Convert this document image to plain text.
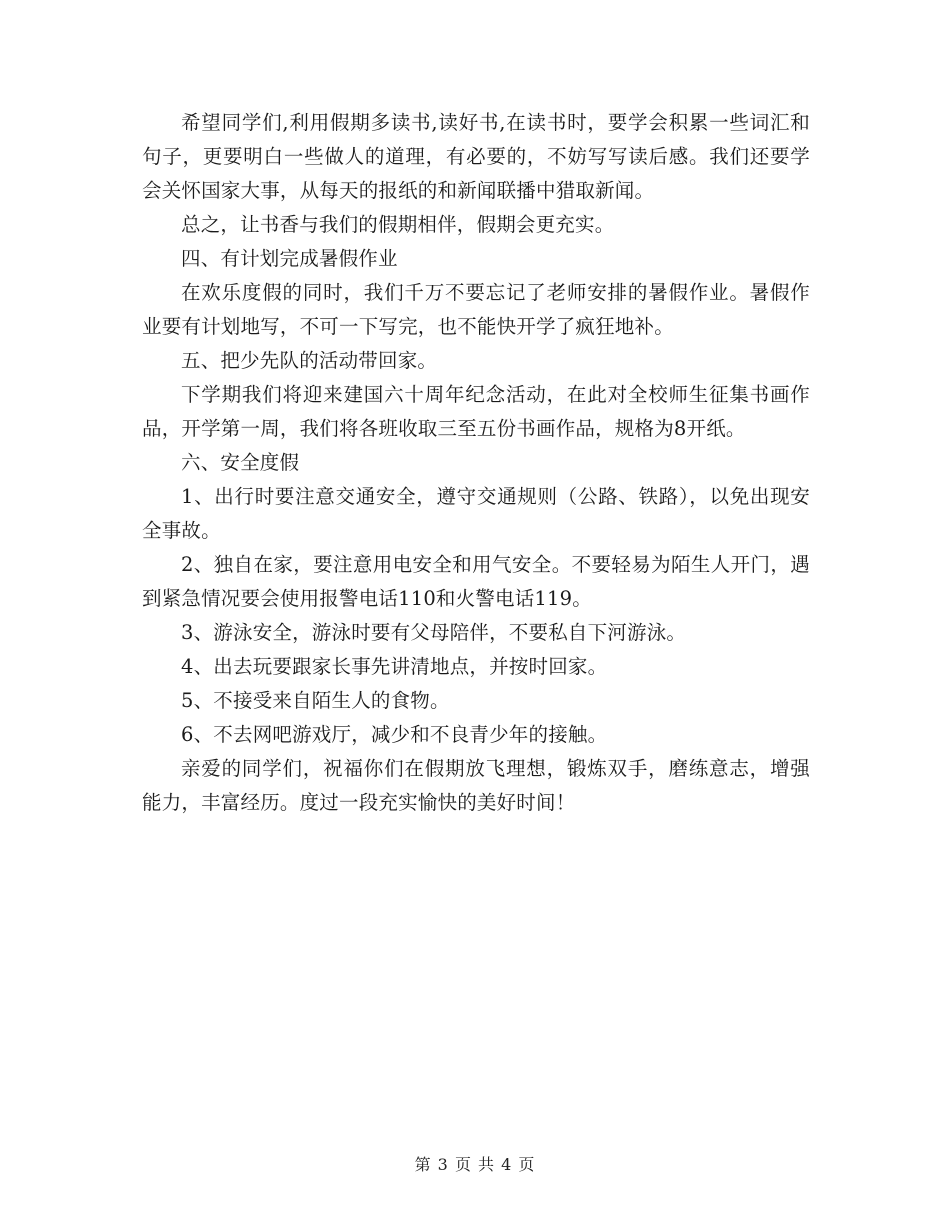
希望同学们,利用假期多读书,读好书,在读书时，要学会积累一些词汇和句子，更要明白一些做人的道理，有必要的，不妨写写读后感。我们还要学会关怀国家大事，从每天的报纸的和新闻联播中猎取新闻。

总之，让书香与我们的假期相伴，假期会更充实。

四、有计划完成暑假作业

在欢乐度假的同时，我们千万不要忘记了老师安排的暑假作业。暑假作业要有计划地写，不可一下写完，也不能快开学了疯狂地补。

五、把少先队的活动带回家。

下学期我们将迎来建国六十周年纪念活动，在此对全校师生征集书画作品，开学第一周，我们将各班收取三至五份书画作品，规格为8开纸。

六、安全度假

1、出行时要注意交通安全，遵守交通规则（公路、铁路），以免出现安全事故。

2、独自在家，要注意用电安全和用气安全。不要轻易为陌生人开门，遇到紧急情况要会使用报警电话110和火警电话119。

3、游泳安全，游泳时要有父母陪伴，不要私自下河游泳。

4、出去玩要跟家长事先讲清地点，并按时回家。

5、不接受来自陌生人的食物。

6、不去网吧游戏厅，减少和不良青少年的接触。

亲爱的同学们，祝福你们在假期放飞理想，锻炼双手，磨练意志，增强能力，丰富经历。度过一段充实愉快的美好时间！

第 3 页 共 4 页
